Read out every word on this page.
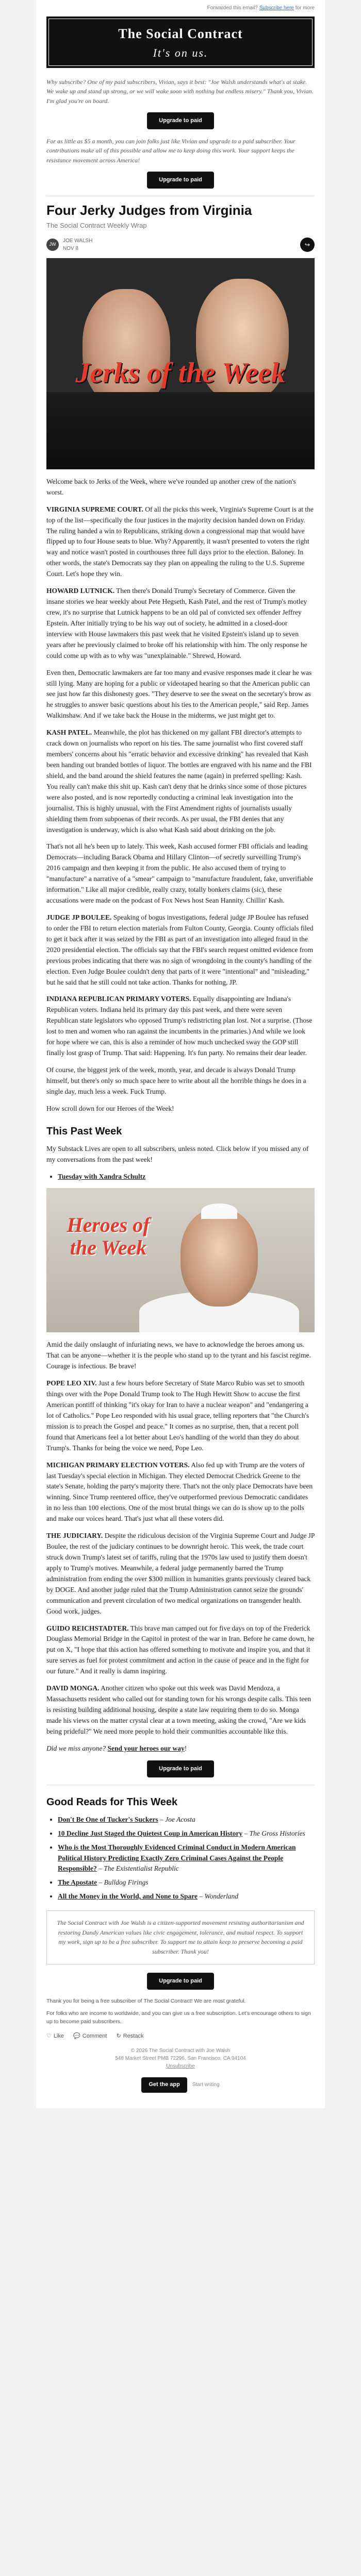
Forwarded this email? Subscribe here for more
The Social Contract
It's on us.

Why subscribe? One of my paid subscribers, Vivian, says it best: "Joe Walsh understands what's at stake. We wake up and stand up strong, or we will wake soon with nothing but endless misery." Thank you, Vivian. I'm glad you're on board.

Upgrade to paid

For as little as $5 a month, you can join folks just like Vivian and upgrade to a paid subscriber. Your contributions make all of this possible and allow me to keep doing this work. Your support keeps the resistance movement across America!

Upgrade to paid
Four Jerky Judges from Virginia
The Social Contract Weekly Wrap
JW
JOE WALSH
NOV 8
↪
Jerks of the Week

Welcome back to Jerks of the Week, where we've rounded up another crew of the nation's worst.

VIRGINIA SUPREME COURT. Of all the picks this week, Virginia's Supreme Court is at the top of the list—specifically the four justices in the majority decision handed down on Friday. The ruling handed a win to Republicans, striking down a congressional map that would have flipped up to four House seats to blue. Why? Apparently, it wasn't presented to voters the right way and notice wasn't posted in courthouses three full days prior to the election. Baloney. In other words, the state's Democrats say they plan on appealing the ruling to the U.S. Supreme Court. Let's hope they win.

HOWARD LUTNICK. Then there's Donald Trump's Secretary of Commerce. Given the insane stories we hear weekly about Pete Hegseth, Kash Patel, and the rest of Trump's motley crew, it's no surprise that Lutnick happens to be an old pal of convicted sex offender Jeffrey Epstein. After initially trying to be his way out of society, he admitted in a closed-door interview with House lawmakers this past week that he visited Epstein's island up to seven years after he previously claimed to broke off his relationship with him. The only response he could come up with as to why was "unexplainable." Shrewd, Howard.

Even then, Democratic lawmakers are far too many and evasive responses made it clear he was still lying. Many are hoping for a public or videotaped hearing so that the American public can see just how far this dishonesty goes. "They deserve to see the sweat on the secretary's brow as he struggles to answer basic questions about his ties to the American people," said Rep. James Walkinshaw. And if we take back the House in the midterms, we just might get to.

KASH PATEL. Meanwhile, the plot has thickened on my gallant FBI director's attempts to crack down on journalists who report on his ties. The same journalist who first covered staff members' concerns about his "erratic behavior and excessive drinking" has revealed that Kash been handing out branded bottles of liquor. The bottles are engraved with his name and the FBI shield, and the band around the shield features the name (again) in preferred spelling: Kash. You really can't make this shit up. Kash can't deny that he drinks since some of those pictures were also posted, and is now reportedly conducting a criminal leak investigation into the journalist. This is highly unusual, with the First Amendment rights of journalists usually shielding them from subpoenas of their records. As per usual, the FBI denies that any investigation is underway, which is also what Kash said about drinking on the job.

That's not all he's been up to lately. This week, Kash accused former FBI officials and leading Democrats—including Barack Obama and Hillary Clinton—of secretly surveilling Trump's 2016 campaign and then keeping it from the public. He also accused them of trying to "manufacture" a narrative of a "smear" campaign to "manufacture fraudulent, fake, unverifiable information." Like all major credible, really crazy, totally bonkers claims (sic), these accusations were made on the podcast of Fox News host Sean Hannity. Chillin' Kash.

JUDGE JP BOULEE. Speaking of bogus investigations, federal judge JP Boulee has refused to order the FBI to return election materials from Fulton County, Georgia. County officials filed to get it back after it was seized by the FBI as part of an investigation into alleged fraud in the 2020 presidential election. The officials say that the FBI's search request omitted evidence from previous probes indicating that there was no sign of wrongdoing in the county's handling of the election. Even Judge Boulee couldn't deny that parts of it were "intentional" and "misleading," but he said that he still could not take action. Thanks for nothing, JP.

INDIANA REPUBLICAN PRIMARY VOTERS. Equally disappointing are Indiana's Republican voters. Indiana held its primary day this past week, and there were seven Republican state legislators who opposed Trump's redistricting plan lost. Not a surprise. (Those lost to men and women who ran against the incumbents in the primaries.) And while we look for hope where we can, this is also a reminder of how much unchecked sway the GOP still finally lost grasp of Trump. That said: Happening. It's fun party. No remains their dear leader.

Of course, the biggest jerk of the week, month, year, and decade is always Donald Trump himself, but there's only so much space here to write about all the horrible things he does in a single day, much less a week. Fuck Trump.

How scroll down for our Heroes of the Week!

This Past Week

My Substack Lives are open to all subscribers, unless noted. Click below if you missed any of my conversations from the past week!

• Tuesday with Xandra Schultz
Heroes of the Week

Amid the daily onslaught of infuriating news, we have to acknowledge the heroes among us. That can be anyone—whether it is the people who stand up to the tyrant and his fascist regime. Courage is infectious. Be brave!

POPE LEO XIV. Just a few hours before Secretary of State Marco Rubio was set to smooth things over with the Pope Donald Trump took to The Hugh Hewitt Show to accuse the first American pontiff of thinking "it's okay for Iran to have a nuclear weapon" and "endangering a lot of Catholics." Pope Leo responded with his usual grace, telling reporters that "the Church's mission is to preach the Gospel and peace." It comes as no surprise, then, that a recent poll found that Americans feel a lot better about Leo's handling of the world than they do about Trump's. Thanks for being the voice we need, Pope Leo.

MICHIGAN PRIMARY ELECTION VOTERS. Also fed up with Trump are the voters of last Tuesday's special election in Michigan. They elected Democrat Chedrick Greene to the state's Senate, holding the party's majority there. That's not the only place Democrats have been winning. Since Trump reentered office, they've outperformed previous Democratic candidates in no less than 100 elections. One of the most brutal things we can do is show up to the polls and make our voices heard. That's just what all these voters did.

THE JUDICIARY. Despite the ridiculous decision of the Virginia Supreme Court and Judge JP Boulee, the rest of the judiciary continues to be downright heroic. This week, the trade court struck down Trump's latest set of tariffs, ruling that the 1970s law used to justify them doesn't apply to Trump's motives. Meanwhile, a federal judge permanently barred the Trump administration from ending the over $300 million in humanities grants previously cleared back by DOGE. And another judge ruled that the Trump Administration cannot seize the grounds' communication and prevent circulation of two medical organizations on transgender health. Good work, judges.

GUIDO REICHSTADTER. This brave man camped out for five days on top of the Frederick Douglass Memorial Bridge in the Capitol in protest of the war in Iran. Before he came down, he put on X, "I hope that this action has offered something to motivate and inspire you, and that it sure serves as fuel for protest commitment and action in the cause of peace and in the fight for our future." And it really is damn inspiring.

DAVID MONGA. Another citizen who spoke out this week was David Mendoza, a Massachusetts resident who called out for standing town for his wrongs despite calls. This teen is resisting building additional housing, despite a state law requiring them to do so. Monga made his views on the matter crystal clear at a town meeting, asking the crowd, "Are we kids being prideful?" We need more people to hold their communities accountable like this.

Did we miss anyone? Send your heroes our way!

Upgrade to paid
Good Reads for This Week
• Don't Be One of Tucker's Suckers – Joe Acosta
• 10 Decline Just Staged the Quietest Coup in American History – The Gross Histories
• Who is the Most Thoroughly Evidenced Criminal Conduct in Modern American Political History Predicting Exactly Zero Criminal Cases Against the People Responsible? – The Existentialist Republic
• The Apostate – Bulldog Firings
• All the Money in the World, and None to Spare – Wonderland
The Social Contract with Joe Walsh is a citizen-supported movement resisting authoritarianism and restoring Dandy American values like civic engagement, tolerance, and mutual respect. To support my work, sign up to be a free subscriber. To support me to attain keep to preserve becoming a paid subscriber. Thank you!
Upgrade to paid

Thank you for being a free subscriber of The Social Contract! We are most grateful.

For folks who are income to worldwide, and you can give us a free subscription. Let's encourage others to sign up to become paid subscribers.

♡ Like 💬 Comment ↻ Restack
© 2026 The Social Contract with Joe Walsh
548 Market Street PMB 72296, San Francisco, CA 94104
Unsubscribe
Get the app	Start writing
